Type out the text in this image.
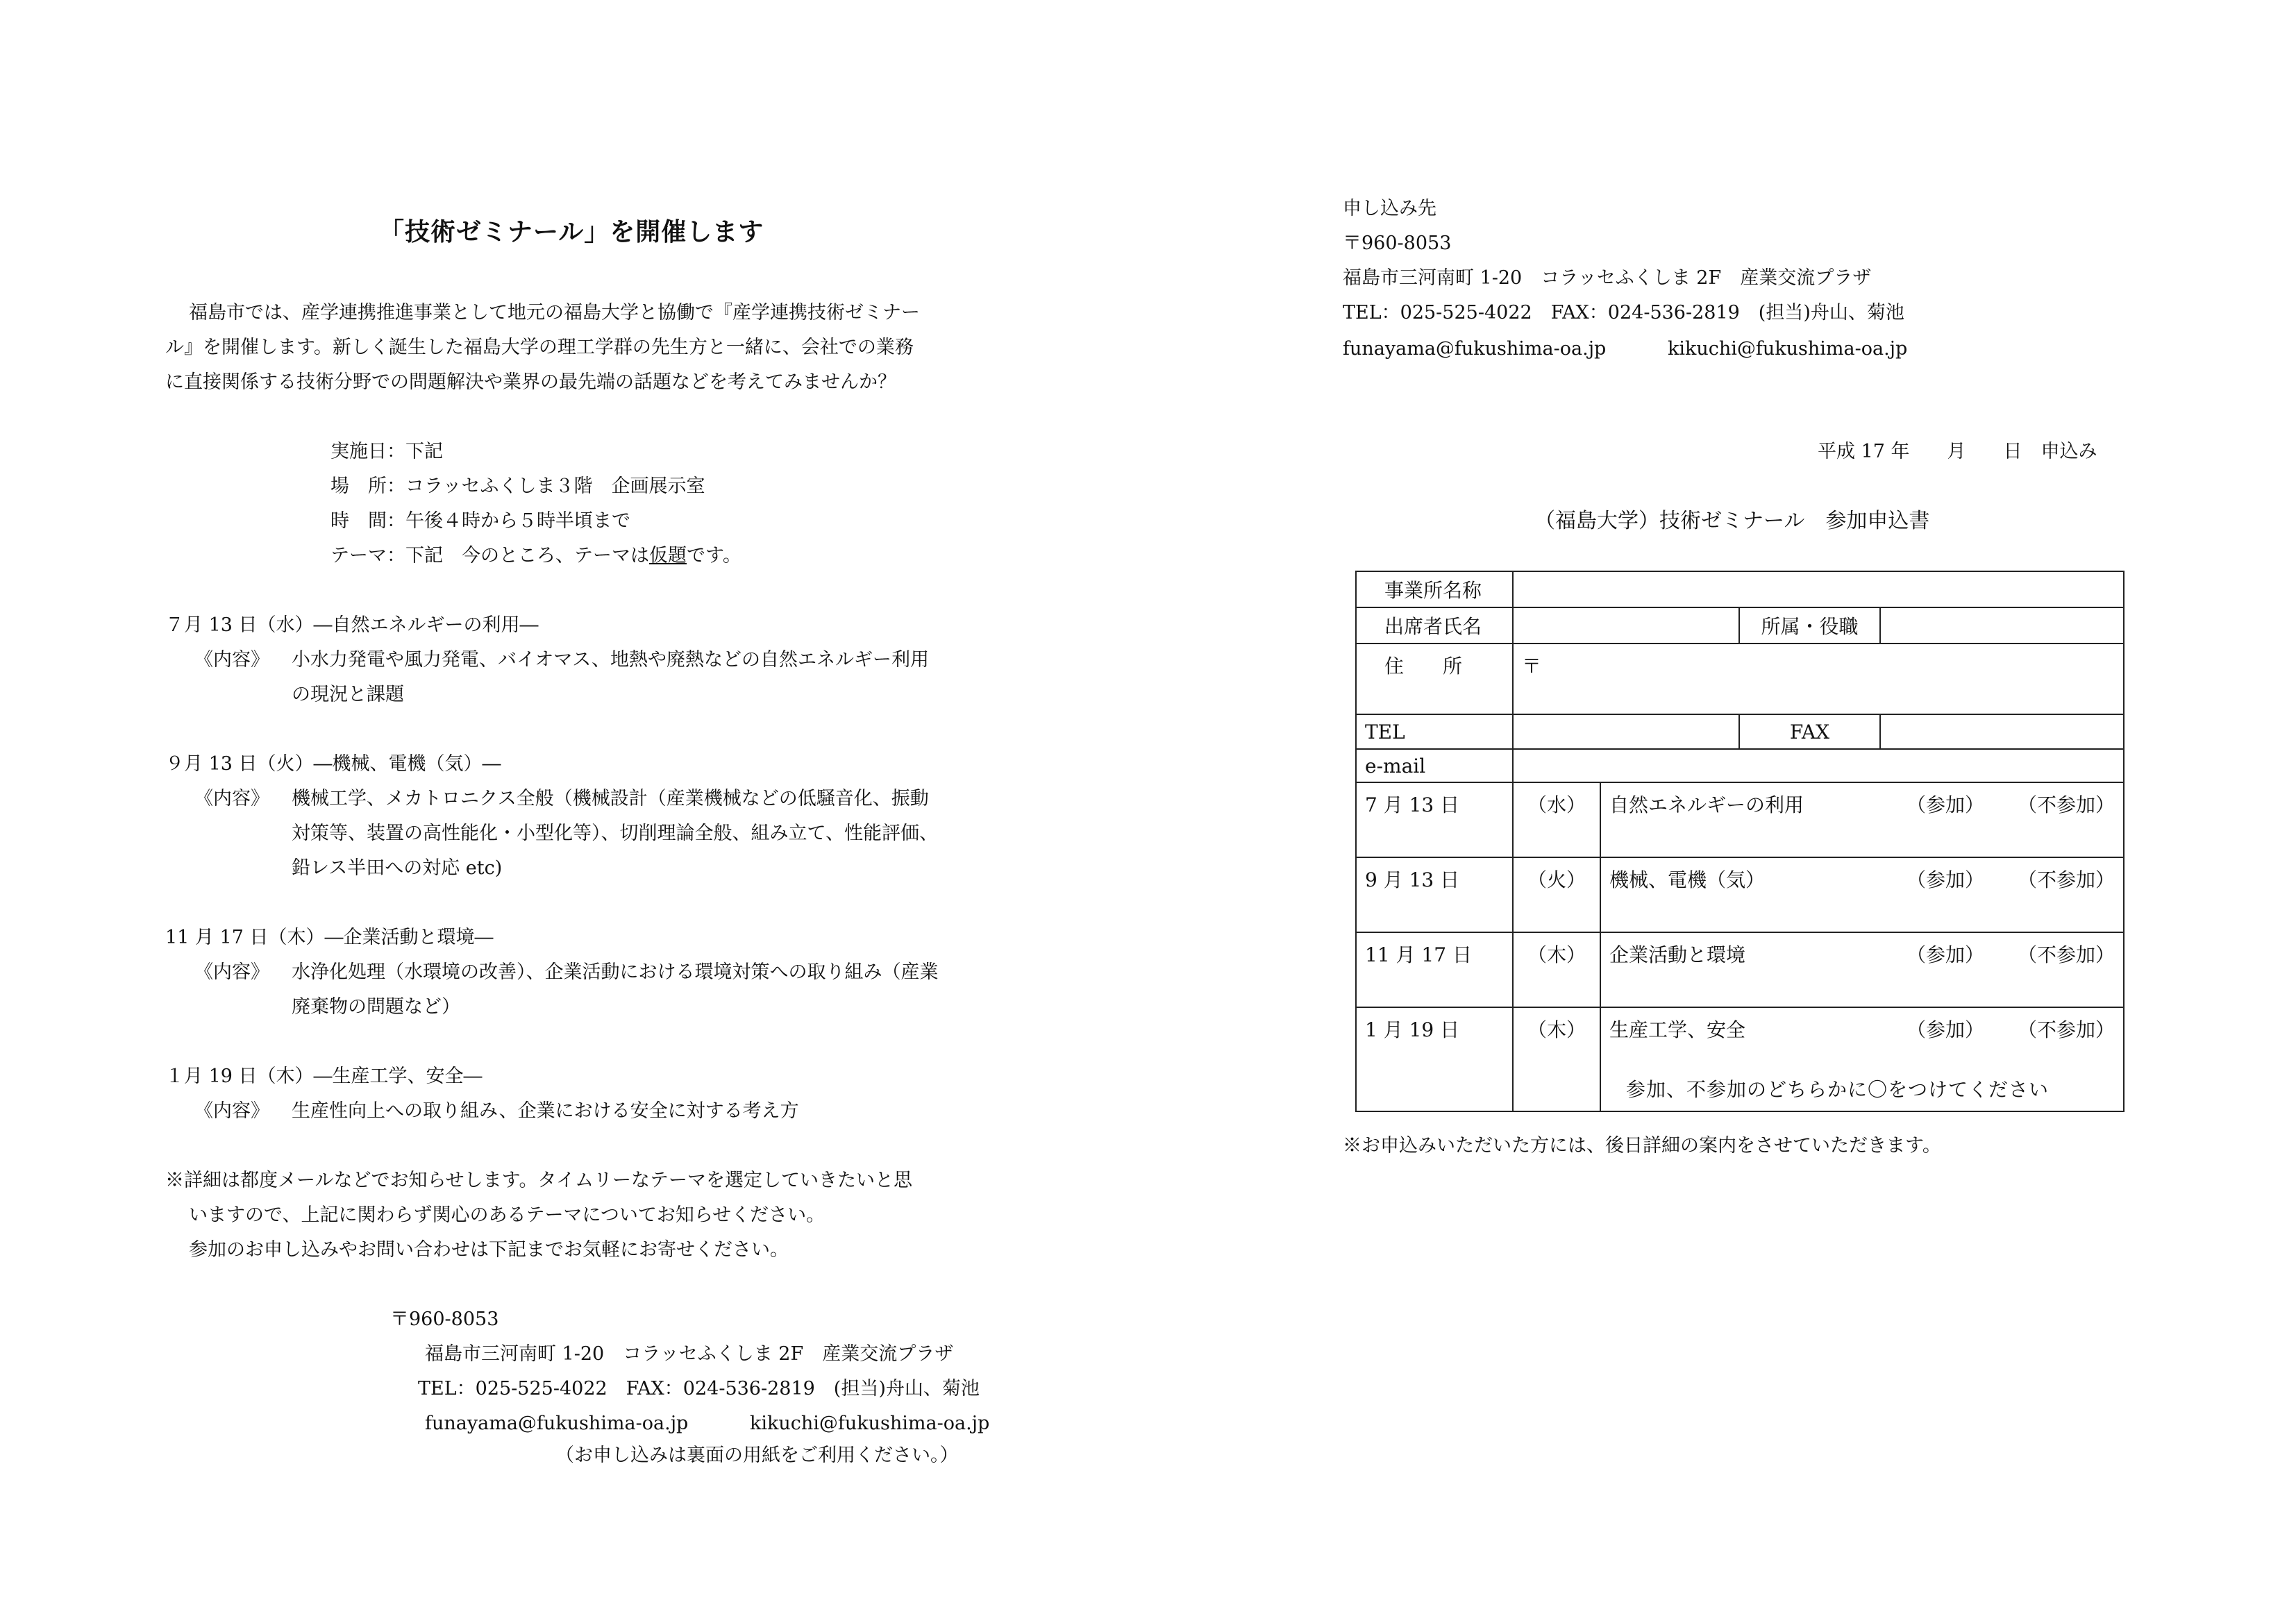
「技術ゼミナール」を開催します
福島市では、産学連携推進事業として地元の福島大学と協働で『産学連携技術ゼミナー
ル』を開催します。新しく誕生した福島大学の理工学群の先生方と一緒に、会社での業務
に直接関係する技術分野での問題解決や業界の最先端の話題などを考えてみませんか？
実施日：下記
場　所：コラッセふくしま３階　企画展示室
時　間：午後４時から５時半頃まで
テーマ：下記　今のところ、テーマは仮題です。
７月 13 日（水）―自然エネルギーの利用―
《内容》 小水力発電や風力発電、バイオマス、地熱や廃熱などの自然エネルギー利用
の現況と課題
９月 13 日（火）―機械、電機（気）―
《内容》 機械工学、メカトロニクス全般（機械設計（産業機械などの低騒音化、振動
対策等、装置の高性能化・小型化等）、切削理論全般、組み立て、性能評価、
鉛レス半田への対応 etc)
11 月 17 日（木）―企業活動と環境―
《内容》 水浄化処理（水環境の改善）、企業活動における環境対策への取り組み（産業
廃棄物の問題など）
１月 19 日（木）―生産工学、安全―
《内容》 生産性向上への取り組み、企業における安全に対する考え方
※詳細は都度メールなどでお知らせします。タイムリーなテーマを選定していきたいと思
いますので、上記に関わらず関心のあるテーマについてお知らせください。
参加のお申し込みやお問い合わせは下記までお気軽にお寄せください。
〒960-8053
福島市三河南町 1-20　コラッセふくしま 2F　産業交流プラザ
TEL：025-525-4022　FAX：024-536-2819　(担当)舟山、菊池
funayama@fukushima-oa.jp	kikuchi@fukushima-oa.jp
（お申し込みは裏面の用紙をご利用ください。）
申し込み先
〒960-8053
福島市三河南町 1-20　コラッセふくしま 2F　産業交流プラザ
TEL：025-525-4022　FAX：024-536-2819　(担当)舟山、菊池
funayama@fukushima-oa.jp	kikuchi@fukushima-oa.jp
平成 17 年　　月　　日　申込み
（福島大学）技術ゼミナール　参加申込書
事業所名称				
出席者氏名			所属・役職	
住　　所	〒			
TEL			FAX	
e-mail				
7 月 13 日	（水）	自然エネルギーの利用 （参加） （不参加）		

9 月 13 日	（火）	機械、電機（気） （参加） （不参加）		

11 月 17 日	（木）	企業活動と環境 （参加） （不参加）		

1 月 19 日	（木）	生産工学、安全 （参加） （不参加）
参加、不参加のどちらかに〇をつけてください		
※お申込みいただいた方には、後日詳細の案内をさせていただきます。
